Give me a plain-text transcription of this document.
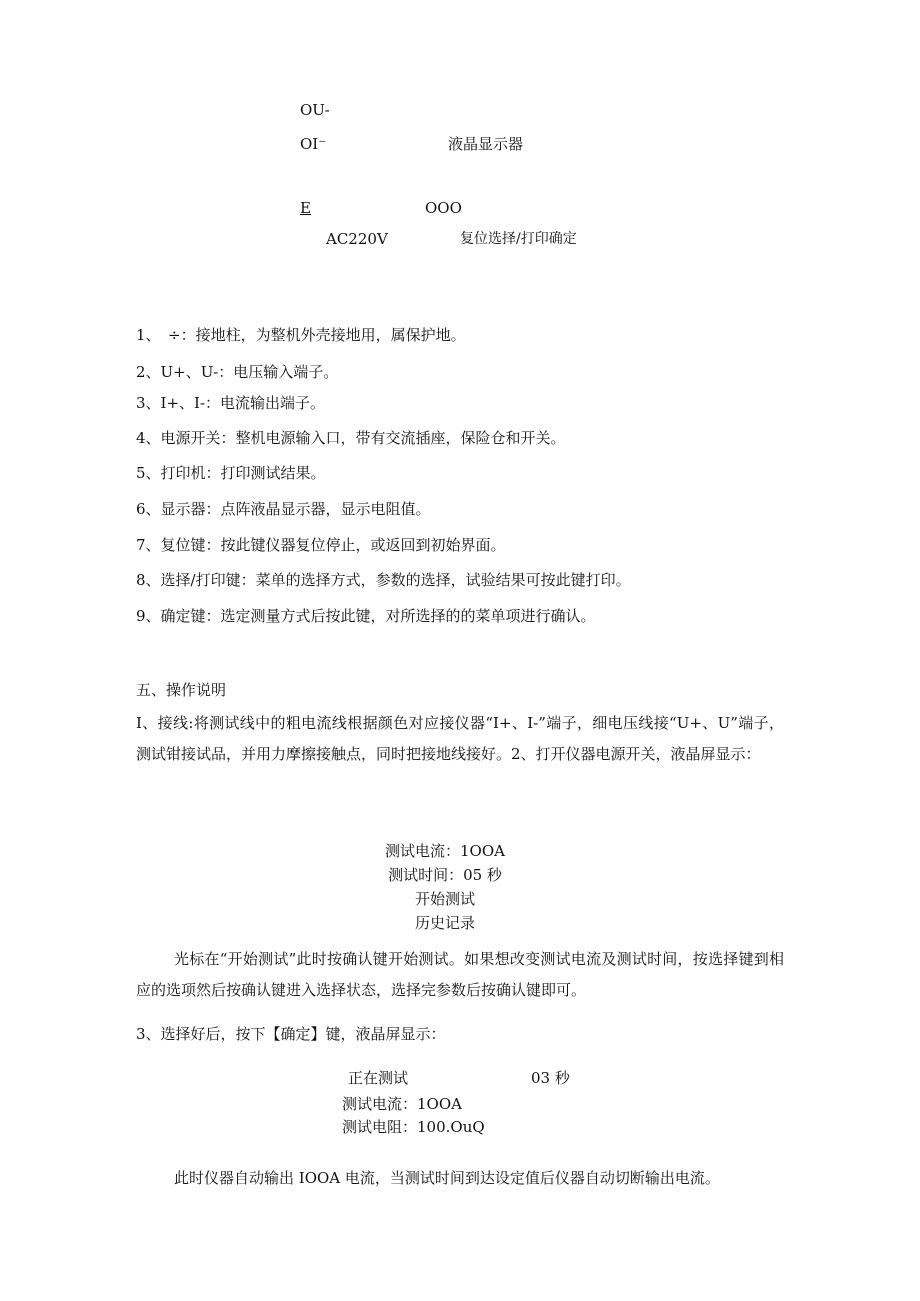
OU-
OI⁻	液晶显示器
E	OOO
AC220V	复位选择/打印确定
1、　÷：接地柱，为整机外壳接地用，属保护地。
2、U+、U-：电压输入端子。
3、I+、I-：电流输出端子。
4、电源开关：整机电源输入口，带有交流插座，保险仓和开关。
5、打印机：打印测试结果。
6、显示器：点阵液晶显示器，显示电阻值。
7、复位键：按此键仪器复位停止，或返回到初始界面。
8、选择/打印键：菜单的选择方式，参数的选择，试验结果可按此键打印。
9、确定键：选定测量方式后按此键，对所选择的的菜单项进行确认。
五、操作说明
I、接线:将测试线中的粗电流线根据颜色对应接仪器“I+、I-”端子，细电压线接“U+、U”端子，测试钳接试品，并用力摩擦接触点，同时把接地线接好。2、打开仪器电源开关，液晶屏显示：
测试电流：1OOA
测试时间：05 秒
开始测试
历史记录
光标在“开始测试”此时按确认键开始测试。如果想改变测试电流及测试时间，按选择键到相应的选项然后按确认键进入选择状态，选择完参数后按确认键即可。
3、选择好后，按下【确定】键，液晶屏显示：
正在测试	03 秒
测试电流：1OOA
测试电阻：100.OuQ
此时仪器自动输出 IOOA 电流，当测试时间到达设定值后仪器自动切断输出电流。
